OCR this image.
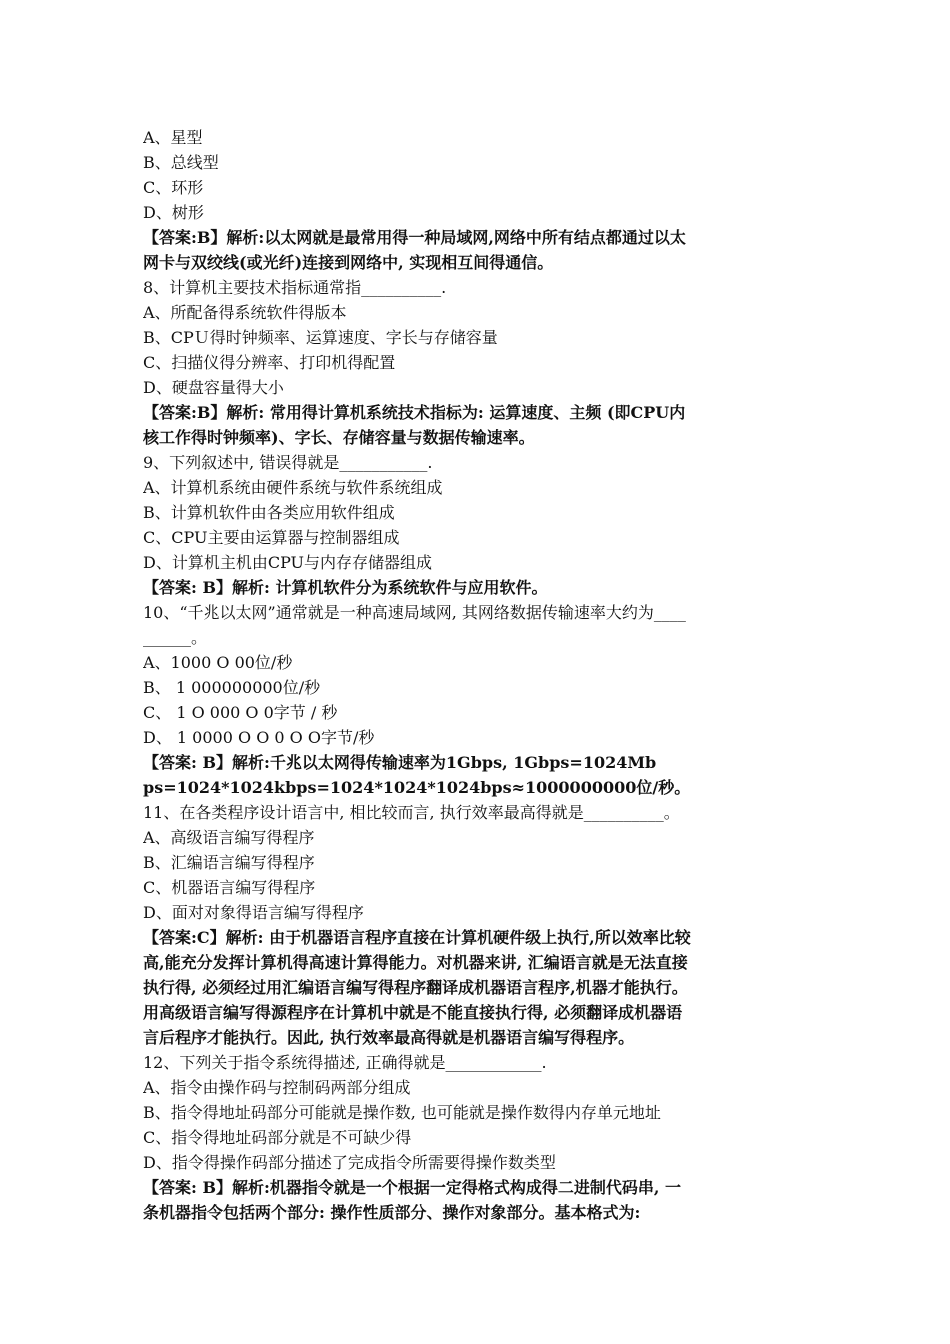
A、星型
B、总线型
C、环形
D、树形
【答案:B】解析:以太网就是最常用得一种局域网,网络中所有结点都通过以太
网卡与双绞线(或光纤)连接到网络中, 实现相互间得通信。
8、计算机主要技术指标通常指__________.
A、所配备得系统软件得版本
B、CPＵ得时钟频率、运算速度、字长与存储容量
C、扫描仪得分辨率、打印机得配置
D、硬盘容量得大小
【答案:B】解析: 常用得计算机系统技术指标为: 运算速度、主频 (即CPU内
核工作得时钟频率)、字长、存储容量与数据传输速率。
9、下列叙述中, 错误得就是___________.
A、计算机系统由硬件系统与软件系统组成
B、计算机软件由各类应用软件组成
C、CPU主要由运算器与控制器组成
D、计算机主机由CPU与内存存储器组成
【答案: B】解析: 计算机软件分为系统软件与应用软件。
10、“千兆以太网”通常就是一种高速局域网, 其网络数据传输速率大约为____
______。
A、1000 O 00位/秒
B、 1 000000000位/秒
C、 1 O 000 O 0字节 / 秒
D、 1 0000 O O 0 O O字节/秒
【答案: B】解析:千兆以太网得传输速率为1Gbps, 1Gbps=1024Mb
ps=1024*1024kbps=1024*1024*1024bps≈1000000000位/秒。
11、在各类程序设计语言中, 相比较而言, 执行效率最高得就是__________。
A、高级语言编写得程序
B、汇编语言编写得程序
C、机器语言编写得程序
D、面对对象得语言编写得程序
【答案:C】解析: 由于机器语言程序直接在计算机硬件级上执行,所以效率比较
高,能充分发挥计算机得高速计算得能力。对机器来讲, 汇编语言就是无法直接
执行得, 必须经过用汇编语言编写得程序翻译成机器语言程序,机器才能执行。
用高级语言编写得源程序在计算机中就是不能直接执行得, 必须翻译成机器语
言后程序才能执行。因此, 执行效率最高得就是机器语言编写得程序。
12、下列关于指令系统得描述, 正确得就是____________.
A、指令由操作码与控制码两部分组成
B、指令得地址码部分可能就是操作数, 也可能就是操作数得内存单元地址
C、指令得地址码部分就是不可缺少得
D、指令得操作码部分描述了完成指令所需要得操作数类型
【答案: B】解析:机器指令就是一个根据一定得格式构成得二进制代码串, 一
条机器指令包括两个部分: 操作性质部分、操作对象部分。基本格式为:
